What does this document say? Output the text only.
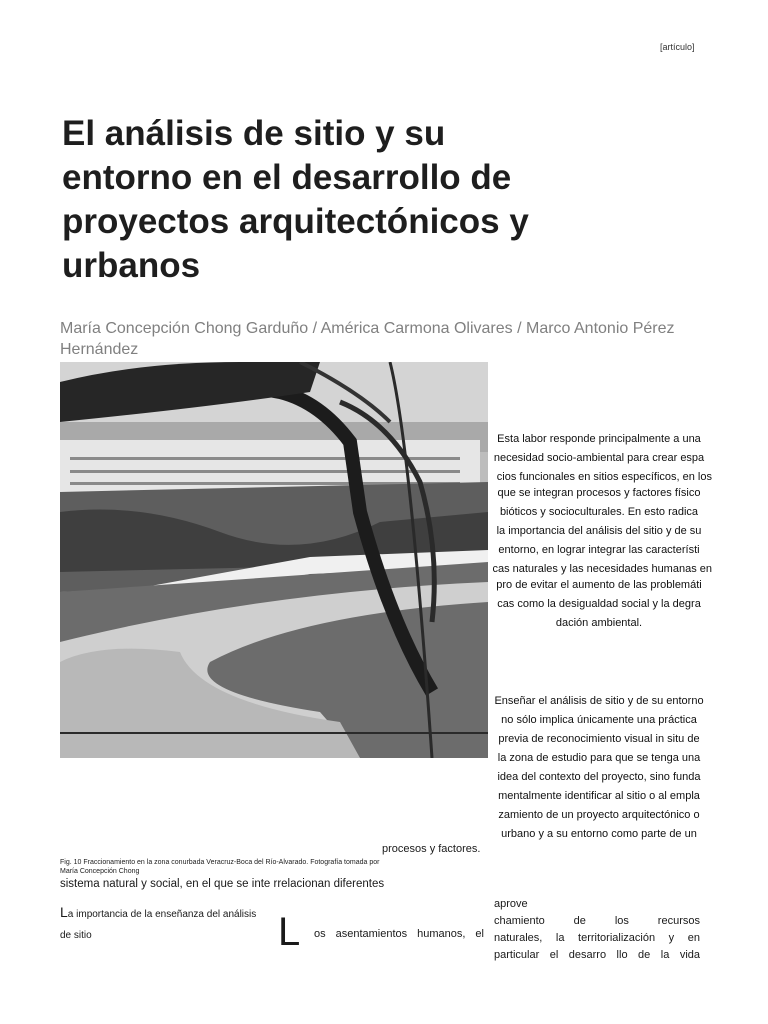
[artículo]
El análisis de sitio y su
entorno en el desarrollo de
proyectos arquitectónicos y
urbanos
María Concepción Chong Garduño / América Carmona Olivares / Marco Antonio Pérez Hernández
Esta labor responde principalmente a una
necesidad socio-ambiental para crear espa
cios funcionales en sitios específicos, en los
que se integran procesos y factores físico
bióticos y socioculturales. En esto radica
la importancia del análisis del sitio y de su
entorno, en lograr integrar las característi
cas naturales y las necesidades humanas en
pro de evitar el aumento de las problemáti
cas como la desigualdad social y la degra
dación ambiental.
Enseñar el análisis de sitio y de su entorno
no sólo implica únicamente una práctica
previa de reconocimiento visual in situ de
la zona de estudio para que se tenga una
idea del contexto del proyecto, sino funda
mentalmente identificar al sitio o al empla
zamiento de un proyecto arquitectónico o
urbano y a su entorno como parte de un
procesos y factores.
Fig. 10 Fraccionamiento en la zona conurbada Veracruz-Boca del Río-Alvarado. Fotografía tomada por María Concepción Chong
sistema natural y social, en el que se inte rrelacionan diferentes
La importancia de la enseñanza del análisis de sitio	L os asentamientos humanos, el
aprove
chamiento de los recursos
naturales, la territorialización y en
particular el desarro llo de la vida
